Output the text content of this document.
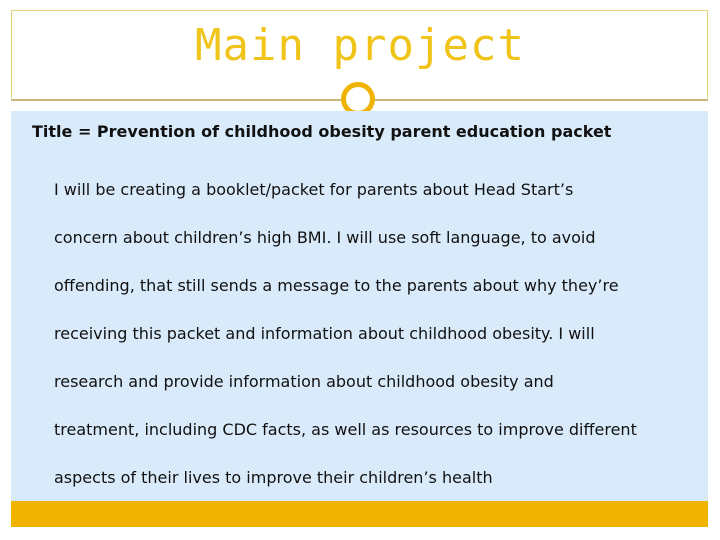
Main project
Title = Prevention of childhood obesity parent education packet
I will be creating a booklet/packet for parents about Head Start’s
concern about children’s high BMI. I will use soft language, to avoid
offending, that still sends a message to the parents about why they’re
receiving this packet and information about childhood obesity. I will
research and provide information about childhood obesity and
treatment, including CDC facts, as well as resources to improve different
aspects of their lives to improve their children’s health
